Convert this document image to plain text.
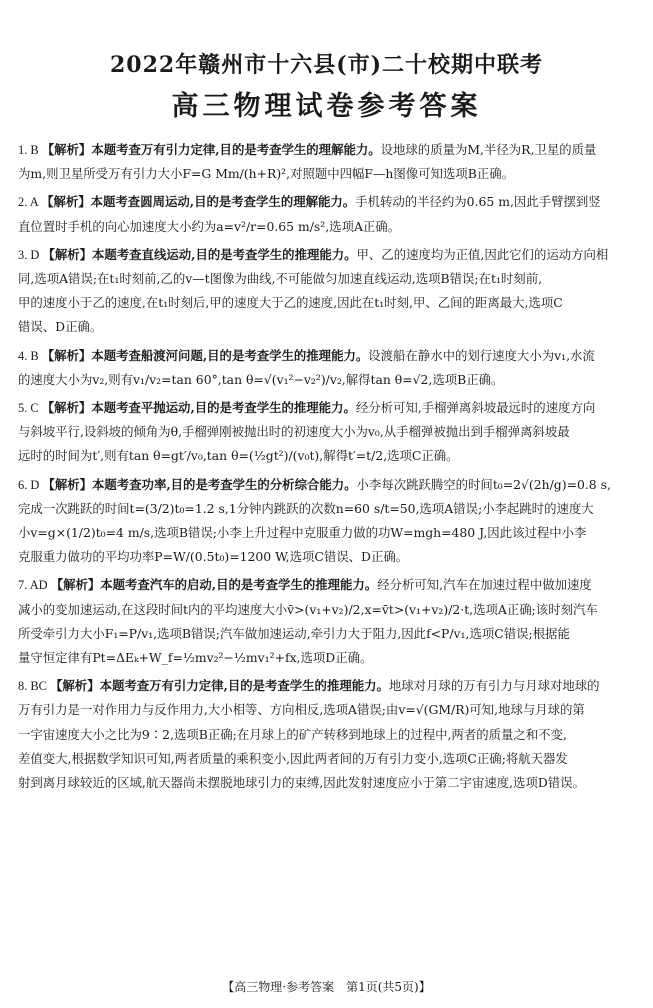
2022年赣州市十六县(市)二十校期中联考
高三物理试卷参考答案
1. B 【解析】本题考查万有引力定律,目的是考查学生的理解能力。设地球的质量为M,半径为R,卫星的质量
为m,则卫星所受万有引力大小F=G Mm/(h+R)²,对照题中四幅F—h图像可知选项B正确。
2. A 【解析】本题考查圆周运动,目的是考查学生的理解能力。手机转动的半径约为0.65 m,因此手臂摆到竖
直位置时手机的向心加速度大小约为a=v²/r=0.65 m/s²,选项A正确。
3. D 【解析】本题考查直线运动,目的是考查学生的推理能力。甲、乙的速度均为正值,因此它们的运动方向相
同,选项A错误;在t₁时刻前,乙的v—t图像为曲线,不可能做匀加速直线运动,选项B错误;在t₁时刻前,
甲的速度小于乙的速度,在t₁时刻后,甲的速度大于乙的速度,因此在t₁时刻,甲、乙间的距离最大,选项C
错误、D正确。
4. B 【解析】本题考查船渡河问题,目的是考查学生的推理能力。设渡船在静水中的划行速度大小为v₁,水流
的速度大小为v₂,则有v₁/v₂=tan 60°,tan θ=√(v₁²−v₂²)/v₂,解得tan θ=√2,选项B正确。
5. C 【解析】本题考查平抛运动,目的是考查学生的推理能力。经分析可知,手榴弹离斜坡最远时的速度方向
与斜坡平行,设斜坡的倾角为θ,手榴弹刚被抛出时的初速度大小为v₀,从手榴弹被抛出到手榴弹离斜坡最
远时的时间为t′,则有tan θ=gt′/v₀,tan θ=(½gt²)/(v₀t),解得t′=t/2,选项C正确。
6. D 【解析】本题考查功率,目的是考查学生的分析综合能力。小李每次跳跃腾空的时间t₀=2√(2h/g)=0.8 s,
完成一次跳跃的时间t=(3/2)t₀=1.2 s,1分钟内跳跃的次数n=60 s/t=50,选项A错误;小李起跳时的速度大
小v=g×(1/2)t₀=4 m/s,选项B错误;小李上升过程中克服重力做的功W=mgh=480 J,因此该过程中小李
克服重力做功的平均功率P=W/(0.5t₀)=1200 W,选项C错误、D正确。
7. AD 【解析】本题考查汽车的启动,目的是考查学生的推理能力。经分析可知,汽车在加速过程中做加速度
减小的变加速运动,在这段时间t内的平均速度大小v̄>(v₁+v₂)/2,x=v̄t>(v₁+v₂)/2·t,选项A正确;该时刻汽车
所受牵引力大小F₁=P/v₁,选项B错误;汽车做加速运动,牵引力大于阻力,因此f<P/v₁,选项C错误;根据能
量守恒定律有Pt=ΔEₖ+W_f=½mv₂²−½mv₁²+fx,选项D正确。
8. BC 【解析】本题考查万有引力定律,目的是考查学生的推理能力。地球对月球的万有引力与月球对地球的
万有引力是一对作用力与反作用力,大小相等、方向相反,选项A错误;由v=√(GM/R)可知,地球与月球的第
一宇宙速度大小之比为9∶2,选项B正确;在月球上的矿产转移到地球上的过程中,两者的质量之和不变,
差值变大,根据数学知识可知,两者质量的乘积变小,因此两者间的万有引力变小,选项C正确;将航天器发
射到离月球较近的区域,航天器尚未摆脱地球引力的束缚,因此发射速度应小于第二宇宙速度,选项D错误。
【高三物理·参考答案　第1页(共5页)】
